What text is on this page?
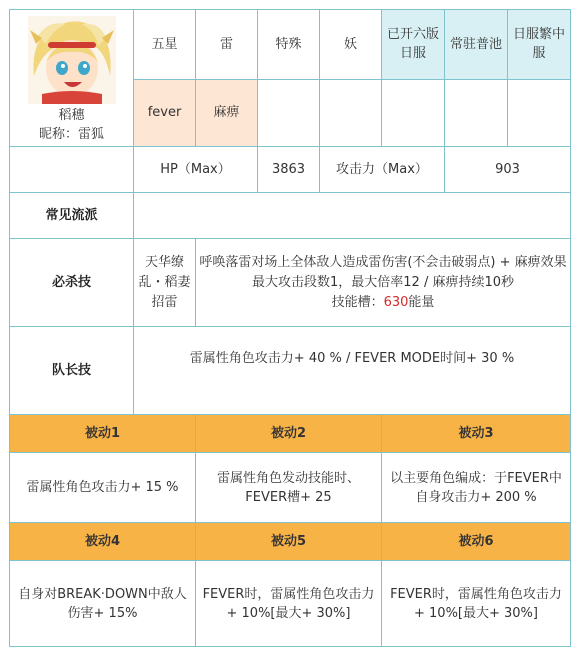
稻穗
昵称：雷狐	五星	雷	特殊	妖	已开六版日服	常驻普池	日服繁中服
	fever	麻痹					
	HP（Max）		3863	攻击力（Max）		903	
常见流派							
必杀技	天华缭乱・稻妻招雷	呼唤落雷对场上全体敌人造成雷伤害(不会击破弱点) + 麻痹效果
最大攻击段数1，最大倍率12 / 麻痹持续10秒
技能槽：630能量					

队长技	雷属性角色攻击力+ 40 % / FEVER MODE时间+ 30 %						
被动1		被动2			被动3		
雷属性角色攻击力+ 15 %		雷属性角色发动技能时、FEVER槽+ 25			以主要角色编成：于FEVER中自身攻击力+ 200 %		
被动4		被动5			被动6		
自身对BREAK·DOWN中敌人伤害+ 15%		FEVER时，雷属性角色攻击力+ 10%[最大+ 30%]			FEVER时，雷属性角色攻击力+ 10%[最大+ 30%]		
